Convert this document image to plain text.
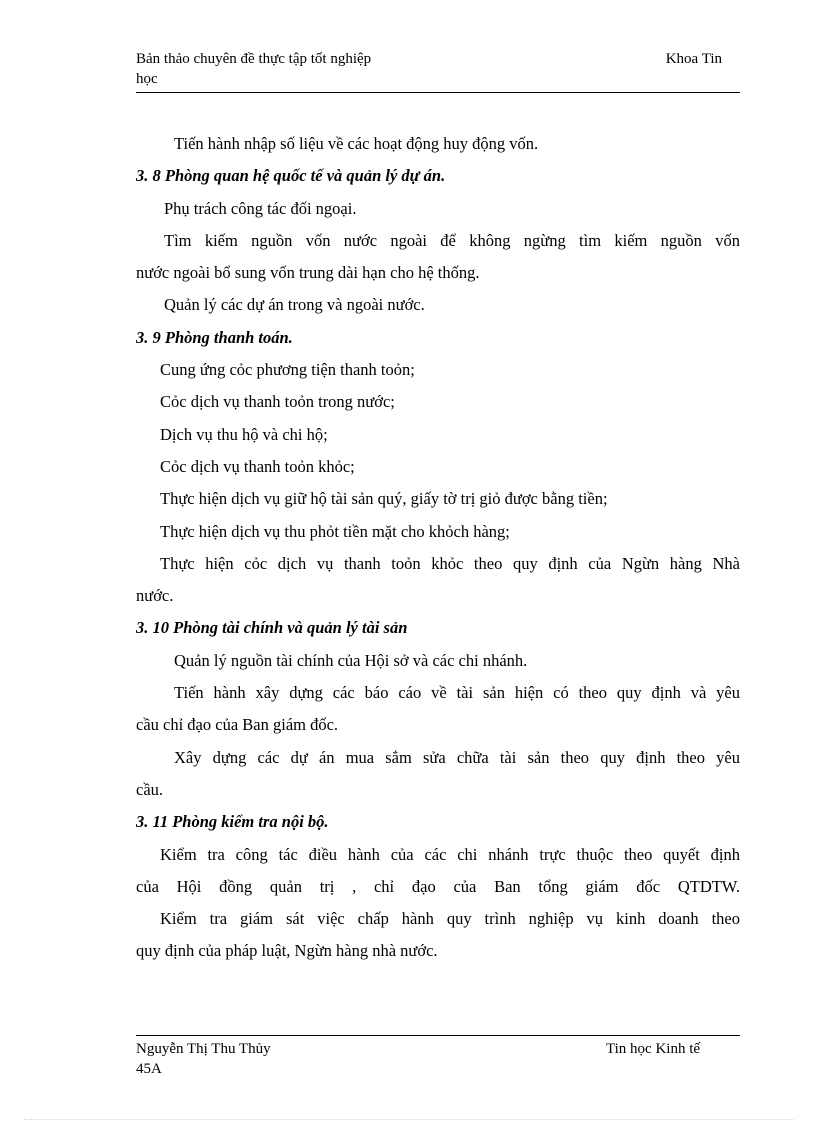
Bản thảo chuyên đề thực tập tốt nghiệp
học
Khoa Tin

Tiến hành nhập số liệu về các hoạt động huy động vốn.

3. 8 Phòng quan hệ quốc tế và quản lý dự án.

Phụ trách công tác đối ngoại.

Tìm kiếm nguồn vốn nước ngoài để không ngừng tìm kiếm nguồn vốn

nước ngoài bổ sung vốn trung dài hạn cho hệ thống.

Quản lý các dự án trong và ngoài nước.

3. 9 Phòng thanh toán.

Cung ứng cỏc phương tiện thanh toỏn;

Cỏc dịch vụ thanh toỏn trong nước;

Dịch vụ thu hộ và chi hộ;

Cỏc dịch vụ thanh toỏn khỏc;

Thực hiện dịch vụ giữ hộ tài sản quý, giấy tờ trị giỏ được bằng tiền;

Thực hiện dịch vụ thu phỏt tiền mặt cho khỏch hàng;

Thực hiện cỏc dịch vụ thanh toỏn khỏc theo quy định của Ngừn hàng Nhà

nước.

3. 10 Phòng tài chính và quản lý tài sản

Quản lý nguồn tài chính của Hội sở và các chi nhánh.

Tiến hành xây dựng các báo cáo về tài sản hiện có theo quy định và yêu

cầu chỉ đạo của Ban giám đốc.

Xây dựng các dự án mua sắm sửa chữa tài sản theo quy định theo yêu

cầu.

3. 11 Phòng kiểm tra nội bộ.

Kiểm tra công tác điều hành của các chi nhánh trực thuộc theo quyết định

của Hội đồng quản trị , chỉ đạo của Ban tổng giám đốc QTDTW.

Kiểm tra giám sát việc chấp hành quy trình nghiệp vụ kinh doanh theo

quy định của pháp luật, Ngừn hàng nhà nước.

Nguyễn Thị Thu Thủy
45A
Tin học Kinh tế
